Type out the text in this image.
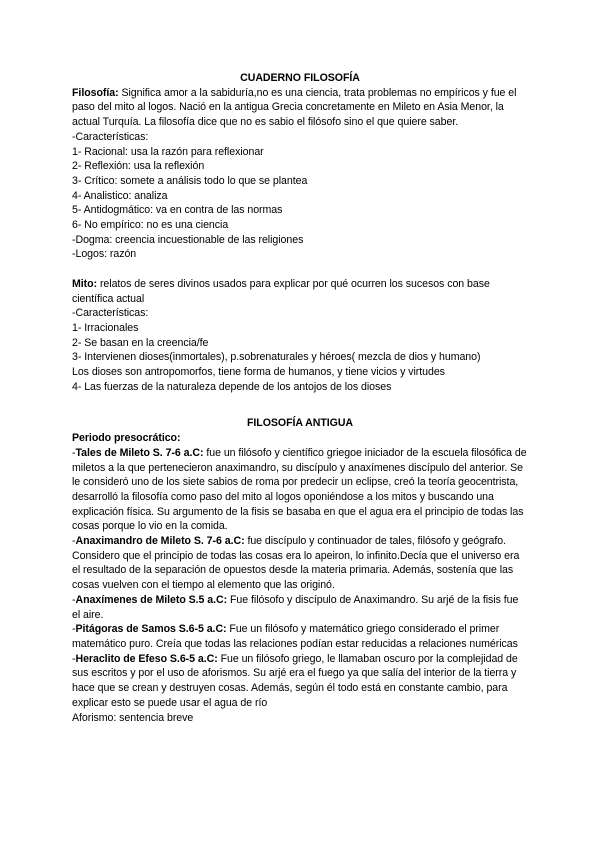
CUADERNO FILOSOFÍA

Filosofía: Significa amor a la sabiduría,no es una ciencia, trata problemas no empíricos y fue el paso del mito al logos. Nació en la antigua Grecia concretamente en Mileto en Asia Menor, la actual Turquía. La filosofía dice que no es sabio el filósofo sino el que quiere saber.

-Características:

1- Racional: usa la razón para reflexionar

2- Reflexión: usa la reflexión

3- Crítico: somete a análisis todo lo que se plantea

4- Analistico: analiza

5- Antidogmático: va en contra de las normas

6- No empírico: no es una ciencia

-Dogma: creencia incuestionable de las religiones

-Logos: razón

Mito: relatos de seres divinos usados para explicar por qué ocurren los sucesos con base científica actual

-Características:

1- Irracionales

2- Se basan en la creencia/fe

3- Intervienen dioses(inmortales), p.sobrenaturales y héroes( mezcla de dios y humano)

Los dioses son antropomorfos, tiene forma de humanos, y tiene vicios y virtudes

4- Las fuerzas de la naturaleza depende de los antojos de los dioses

FILOSOFÍA ANTIGUA

Periodo presocrático:

-Tales de Mileto S. 7-6 a.C: fue un filósofo y científico griegoe iniciador de la escuela filosófica de miletos a la que pertenecieron anaximandro, su discípulo y anaxímenes discípulo del anterior. Se le consideró uno de los siete sabios de roma por predecir un eclipse, creó la teoría geocentrista, desarrolló la filosofía como paso del mito al logos oponiéndose a los mitos y buscando una explicación física. Su argumento de la fisis se basaba en que el agua era el principio de todas las cosas porque lo vio en la comida.

-Anaximandro de Mileto S. 7-6 a.C: fue discípulo y continuador de tales, filósofo y geógrafo. Considero que el principio de todas las cosas era lo apeiron, lo infinito.Decía que el universo era el resultado de la separación de opuestos desde la materia primaria. Además, sostenía que las cosas vuelven con el tiempo al elemento que las originó.

-Anaxímenes de Mileto S.5 a.C: Fue filósofo y discípulo de Anaximandro. Su arjé de la fisis fue el aire.

-Pitágoras de Samos S.6-5 a.C: Fue un filósofo y matemático griego considerado el primer matemático puro. Creía que todas las relaciones podían estar reducidas a relaciones numéricas

-Heraclito de Efeso S.6-5 a.C: Fue un filósofo griego, le llamaban oscuro por la complejidad de sus escritos y por el uso de aforismos. Su arjé era el fuego ya que salía del interior de la tierra y hace que se crean y destruyen cosas. Además, según él todo está en constante cambio, para explicar esto se puede usar el agua de río

Aforismo: sentencia breve
